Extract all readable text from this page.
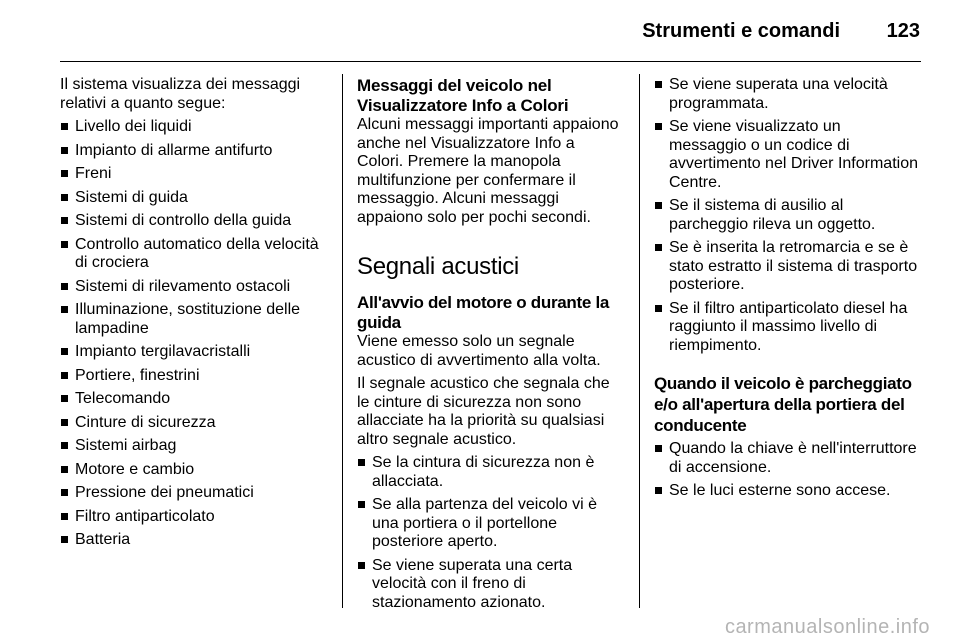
Strumenti e comandi	123

Il sistema visualizza dei messaggi relativi a quanto segue:

Livello dei liquidi
Impianto di allarme antifurto
Freni
Sistemi di guida
Sistemi di controllo della guida
Controllo automatico della velocità di crociera
Sistemi di rilevamento ostacoli
Illuminazione, sostituzione delle lampadine
Impianto tergilavacristalli
Portiere, finestrini
Telecomando
Cinture di sicurezza
Sistemi airbag
Motore e cambio
Pressione dei pneumatici
Filtro antiparticolato
Batteria
Messaggi del veicolo nel Visualizzatore Info a Colori

Alcuni messaggi importanti appaiono anche nel Visualizzatore Info a Colori. Premere la manopola multifunzione per confermare il messaggio. Alcuni messaggi appaiono solo per pochi secondi.

Segnali acustici
All'avvio del motore o durante la guida

Viene emesso solo un segnale acustico di avvertimento alla volta.

Il segnale acustico che segnala che le cinture di sicurezza non sono allacciate ha la priorità su qualsiasi altro segnale acustico.

Se la cintura di sicurezza non è allacciata.
Se alla partenza del veicolo vi è una portiera o il portellone posteriore aperto.
Se viene superata una certa velocità con il freno di stazionamento azionato.
Se viene superata una velocità programmata.
Se viene visualizzato un messaggio o un codice di avvertimento nel Driver Information Centre.
Se il sistema di ausilio al parcheggio rileva un oggetto.
Se è inserita la retromarcia e se è stato estratto il sistema di trasporto posteriore.
Se il filtro antiparticolato diesel ha raggiunto il massimo livello di riempimento.
Quando il veicolo è parcheggiato e/o all'apertura della portiera del conducente
Quando la chiave è nell'interruttore di accensione.
Se le luci esterne sono accese.
carmanualsonline.info
